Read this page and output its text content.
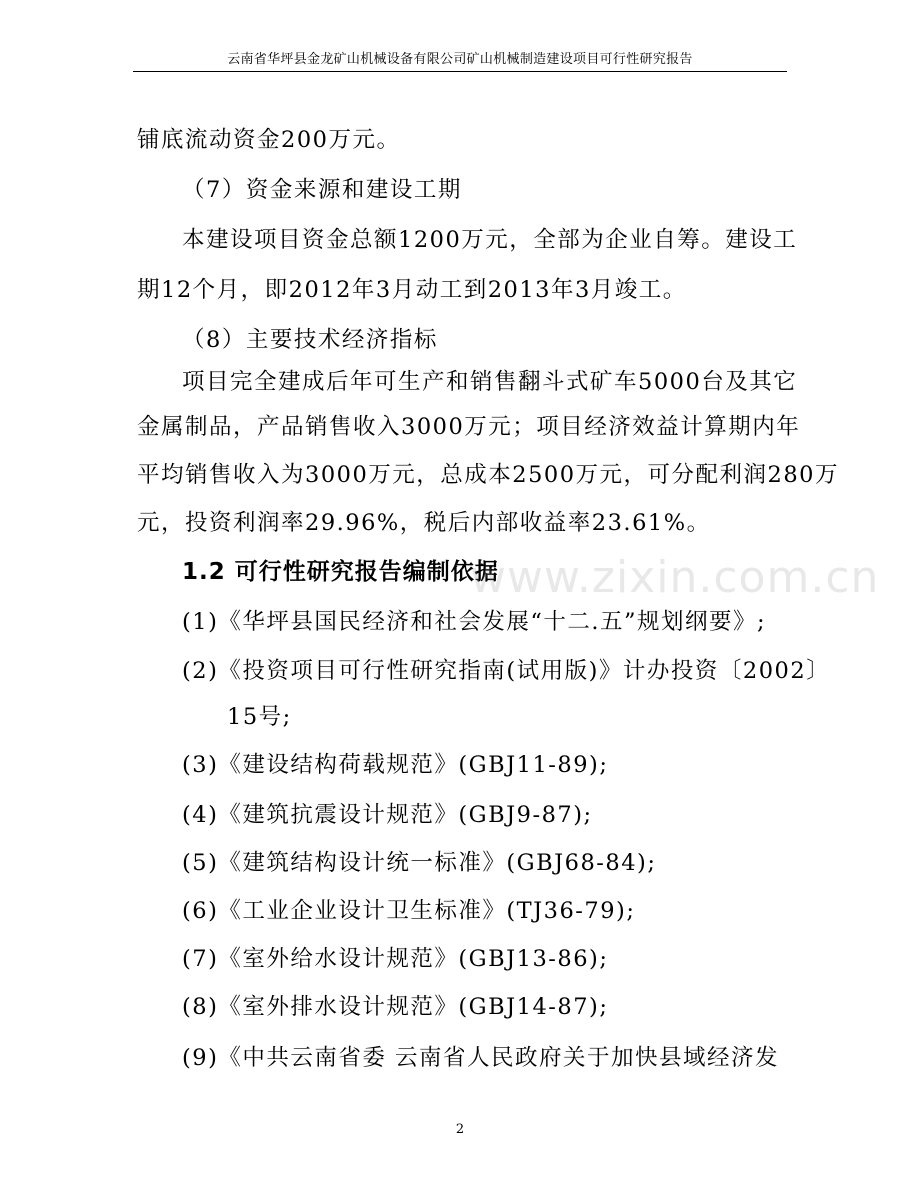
云南省华坪县金龙矿山机械设备有限公司矿山机械制造建设项目可行性研究报告
铺底流动资金200万元。
（7）资金来源和建设工期
本建设项目资金总额1200万元，全部为企业自筹。建设工
期12个月，即2012年3月动工到2013年3月竣工。
（8）主要技术经济指标
项目完全建成后年可生产和销售翻斗式矿车5000台及其它
金属制品，产品销售收入3000万元；项目经济效益计算期内年
平均销售收入为3000万元，总成本2500万元，可分配利润280万
元，投资利润率29.96%，税后内部收益率23.61%。
1.2 可行性研究报告编制依据
(1)《华坪县国民经济和社会发展“十二.五”规划纲要》;
(2)《投资项目可行性研究指南(试用版)》计办投资〔2002〕
15号;
(3)《建设结构荷载规范》(GBJ11-89);
(4)《建筑抗震设计规范》(GBJ9-87);
(5)《建筑结构设计统一标准》(GBJ68-84);
(6)《工业企业设计卫生标准》(TJ36-79);
(7)《室外给水设计规范》(GBJ13-86);
(8)《室外排水设计规范》(GBJ14-87);
(9)《中共云南省委 云南省人民政府关于加快县域经济发
www.zixin.com.cn
2
